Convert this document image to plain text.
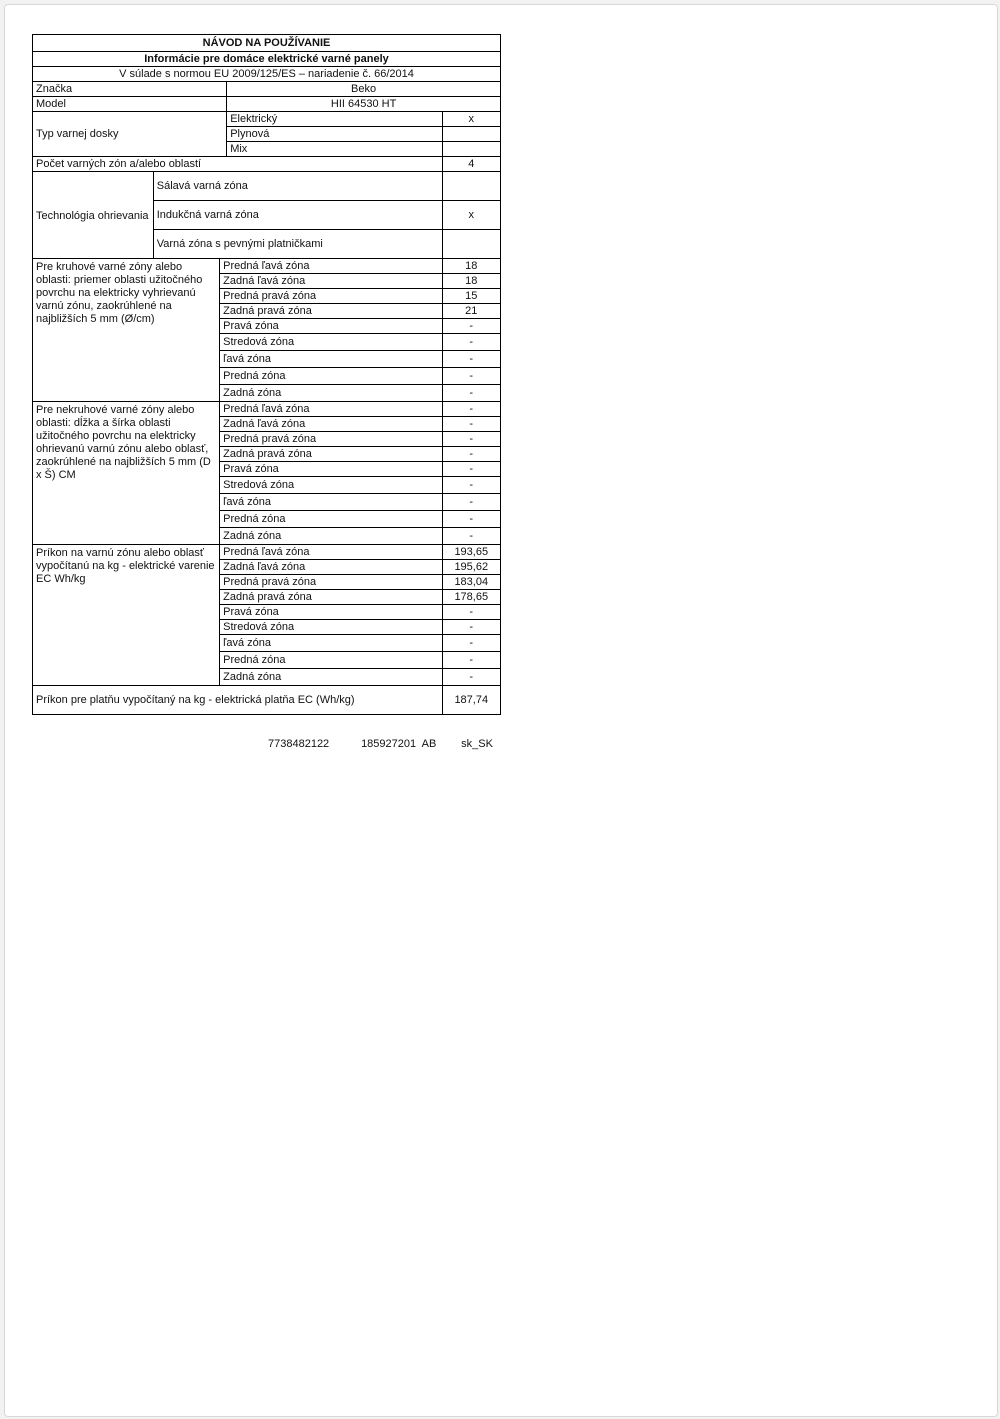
NÁVOD NA POUŽÍVANIE				
Informácie pre domáce elektrické varné panely				
V súlade s normou EU 2009/125/ES – nariadenie č. 66/2014				
Značka			Beko	
Model			HII 64530 HT	
Typ varnej dosky			Elektrický	x
			Plynová	
			Mix	
Počet varných zón a/alebo oblastí				4
Technológia ohrievania	Sálavá varná zóna			
	Indukčná varná zóna			x
	Varná zóna s pevnými platničkami			
Pre kruhové varné zóny alebo oblasti: priemer oblasti užitočného povrchu na elektricky vyhrievanú varnú zónu, zaokrúhlené na najbližších 5 mm (Ø/cm)		Predná ľavá zóna		18
		Zadná ľavá zóna		18
		Predná pravá zóna		15
		Zadná pravá zóna		21
		Pravá zóna		-
		Stredová zóna		-
		ľavá zóna		-
		Predná zóna		-
		Zadná zóna		-
Pre nekruhové varné zóny alebo oblasti: dĺžka a šírka oblasti užitočného povrchu na elektricky ohrievanú varnú zónu alebo oblasť, zaokrúhlené na najbližších 5 mm (D x Š) CM		Predná ľavá zóna		-
		Zadná ľavá zóna		-
		Predná pravá zóna		-
		Zadná pravá zóna		-
		Pravá zóna		-
		Stredová zóna		-
		ľavá zóna		-
		Predná zóna		-
		Zadná zóna		-
Príkon na varnú zónu alebo oblasť vypočítanú na kg - elektrické varenie EC Wh/kg		Predná ľavá zóna		193,65
		Zadná ľavá zóna		195,62
		Predná pravá zóna		183,04
		Zadná pravá zóna		178,65
		Pravá zóna		-
		Stredová zóna		-
		ľavá zóna		-
		Predná zóna		-
		Zadná zóna		-
Príkon pre platňu vypočítaný na kg - elektrická platňa EC (Wh/kg)				187,74
7738482122	185927201  AB sk_SK
